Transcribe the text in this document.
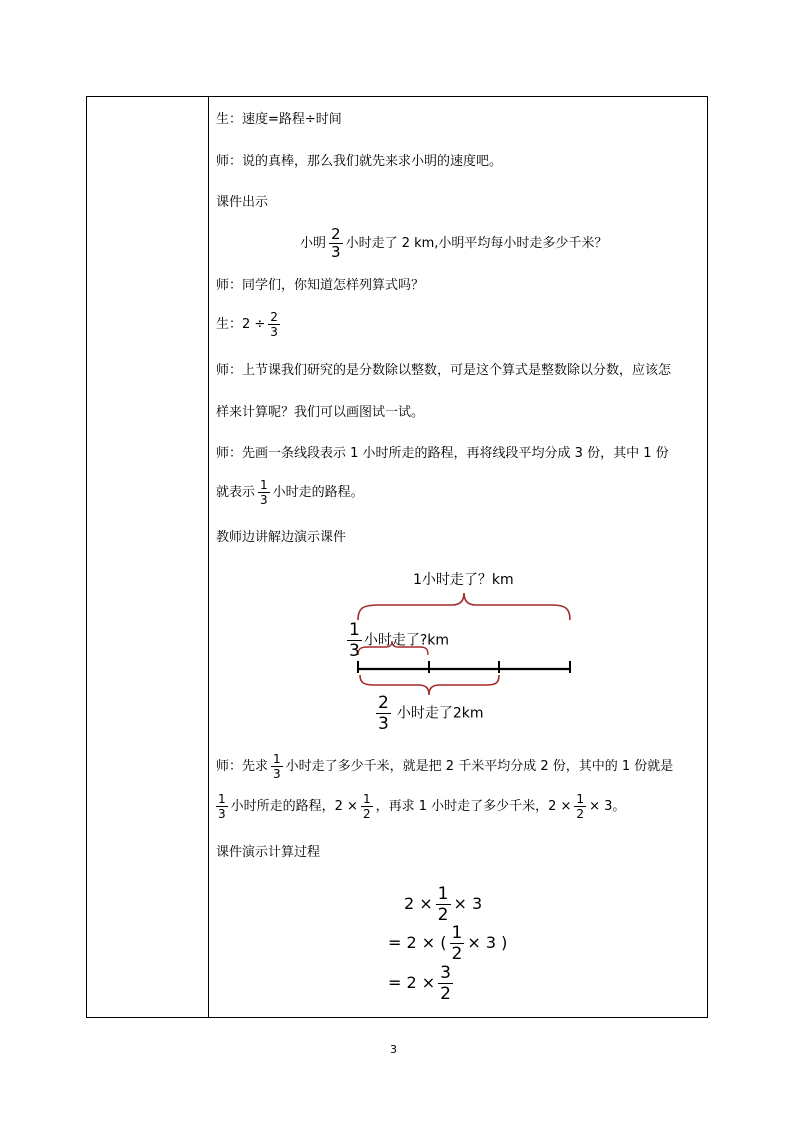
生：速度=路程÷时间
师：说的真棒，那么我们就先来求小明的速度吧。
课件出示
小明 $\frac{2}{3}$ 小时走了 2 km,小明平均每小时走多少千米？
师：同学们，你知道怎样列算式吗？
生：$2 \div \frac{2}{3}$
师：上节课我们研究的是分数除以整数，可是这个算式是整数除以分数，应该怎
样来计算呢？我们可以画图试一试。
师：先画一条线段表示 1 小时所走的路程，再将线段平均分成 3 份，其中 1 份
就表示 $\frac{1}{3}$ 小时走的路程。
教师边讲解边演示课件
1小时走了？km
$\frac{1}{3}$ 小时走了?km
$\frac{2}{3}$ 小时走了2km
师：先求 $\frac{1}{3}$ 小时走了多少千米，就是把 2 千米平均分成 2 份，其中的 1 份就是
$\frac{1}{3}$ 小时所走的路程，$2 \times \frac{1}{2}$ ，再求 1 小时走了多少千米，$2 \times \frac{1}{2} \times 3$。
课件演示计算过程
$2 \times \frac{1}{2} \times 3$
= 2 × ( $\frac{1}{2} \times 3$ )
= $2 \times \frac{3}{2}$
3
